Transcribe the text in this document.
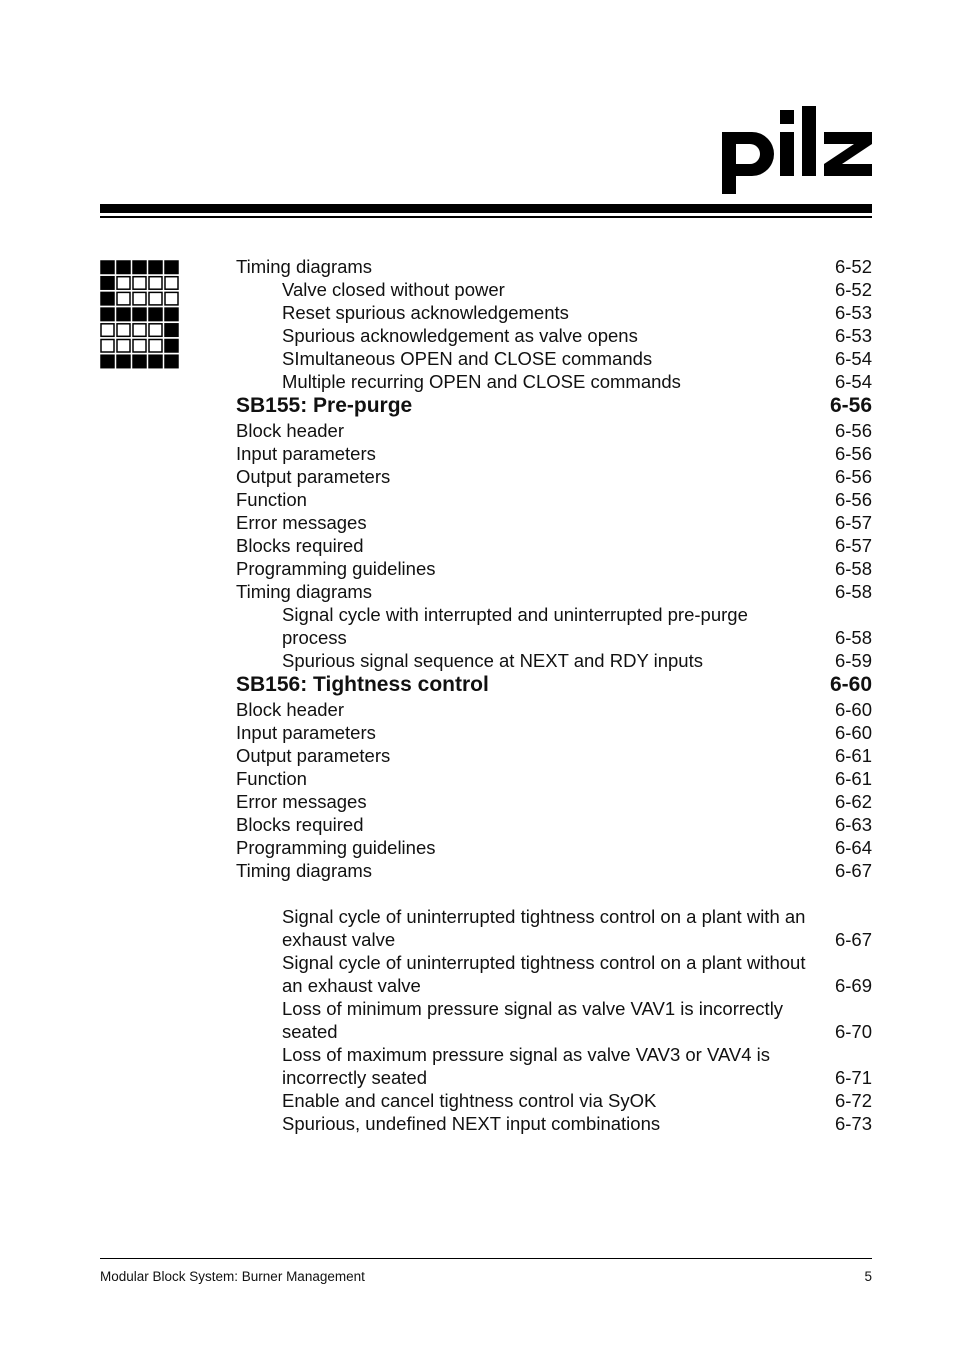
pilz
Timing diagrams	6-52
Valve closed without power	6-52
Reset spurious acknowledgements	6-53
Spurious acknowledgement as valve opens	6-53
SImultaneous OPEN and CLOSE commands	6-54
Multiple recurring OPEN and CLOSE commands	6-54
SB155: Pre-purge	6-56
Block header	6-56
Input parameters	6-56
Output parameters	6-56
Function	6-56
Error messages	6-57
Blocks required	6-57
Programming guidelines	6-58
Timing diagrams	6-58
Signal cycle with interrupted and uninterrupted pre-purge
process	6-58
Spurious signal sequence at NEXT and RDY inputs	6-59
SB156: Tightness control	6-60
Block header	6-60
Input parameters	6-60
Output parameters	6-61
Function	6-61
Error messages	6-62
Blocks required	6-63
Programming guidelines	6-64
Timing diagrams	6-67
Signal cycle of uninterrupted tightness control on a plant with an
exhaust valve	6-67
Signal cycle of uninterrupted tightness control on a plant without
an exhaust valve	6-69
Loss of minimum pressure signal as valve VAV1 is incorrectly
seated	6-70
Loss of maximum pressure signal as valve VAV3 or VAV4 is
incorrectly seated	6-71
Enable and cancel tightness control via SyOK	6-72
Spurious, undefined NEXT input combinations	6-73
Modular Block System: Burner Management	5
